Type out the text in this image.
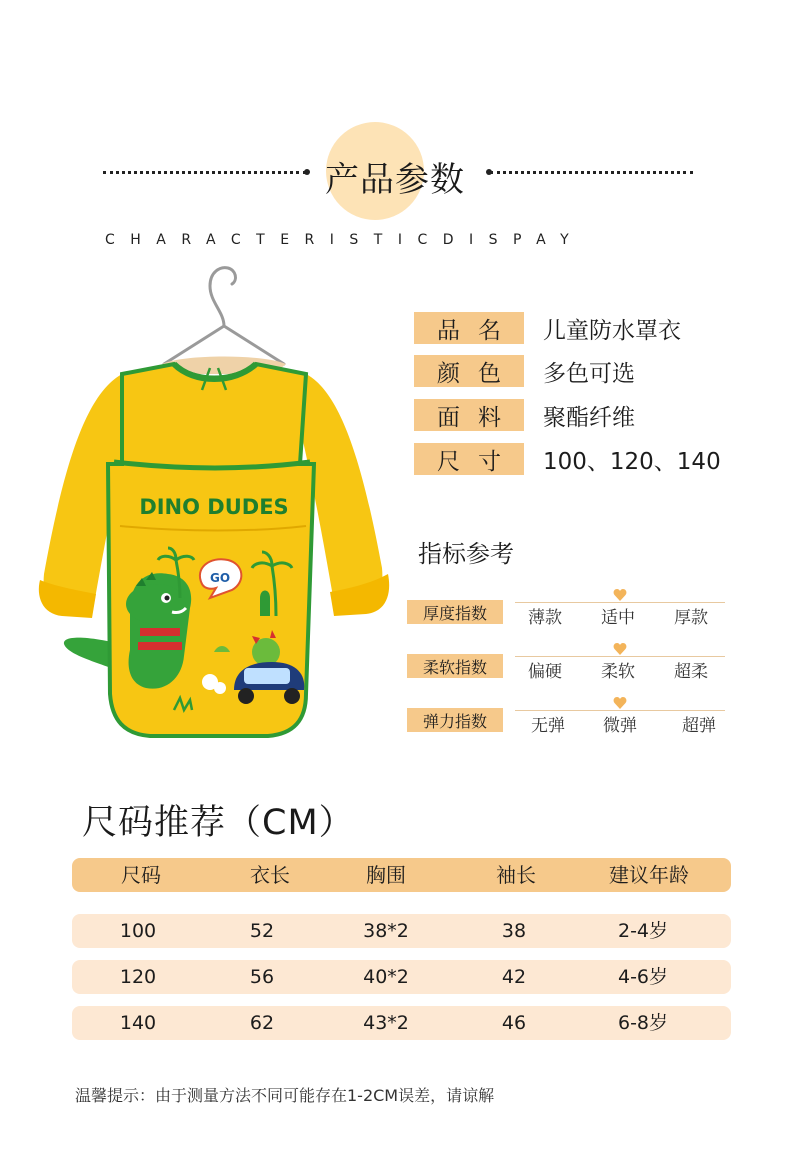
产品参数
CHARACTERISTICDISPAY
DINO DUDES
GO
品名 儿童防水罩衣
颜色 多色可选
面料 聚酯纤维
尺寸 100、120、140
指标参考
厚度指数	薄款 适中 厚款
柔软指数	偏硬 柔软 超柔
弹力指数	无弹 微弹	超弹
尺码推荐（CM）
尺码	衣长	胸围	袖长	建议年龄
100	52	38*2	38	2-4岁
120	56	40*2	42	4-6岁
140	62	43*2	46	6-8岁
温馨提示：由于测量方法不同可能存在1-2CM误差，请谅解
